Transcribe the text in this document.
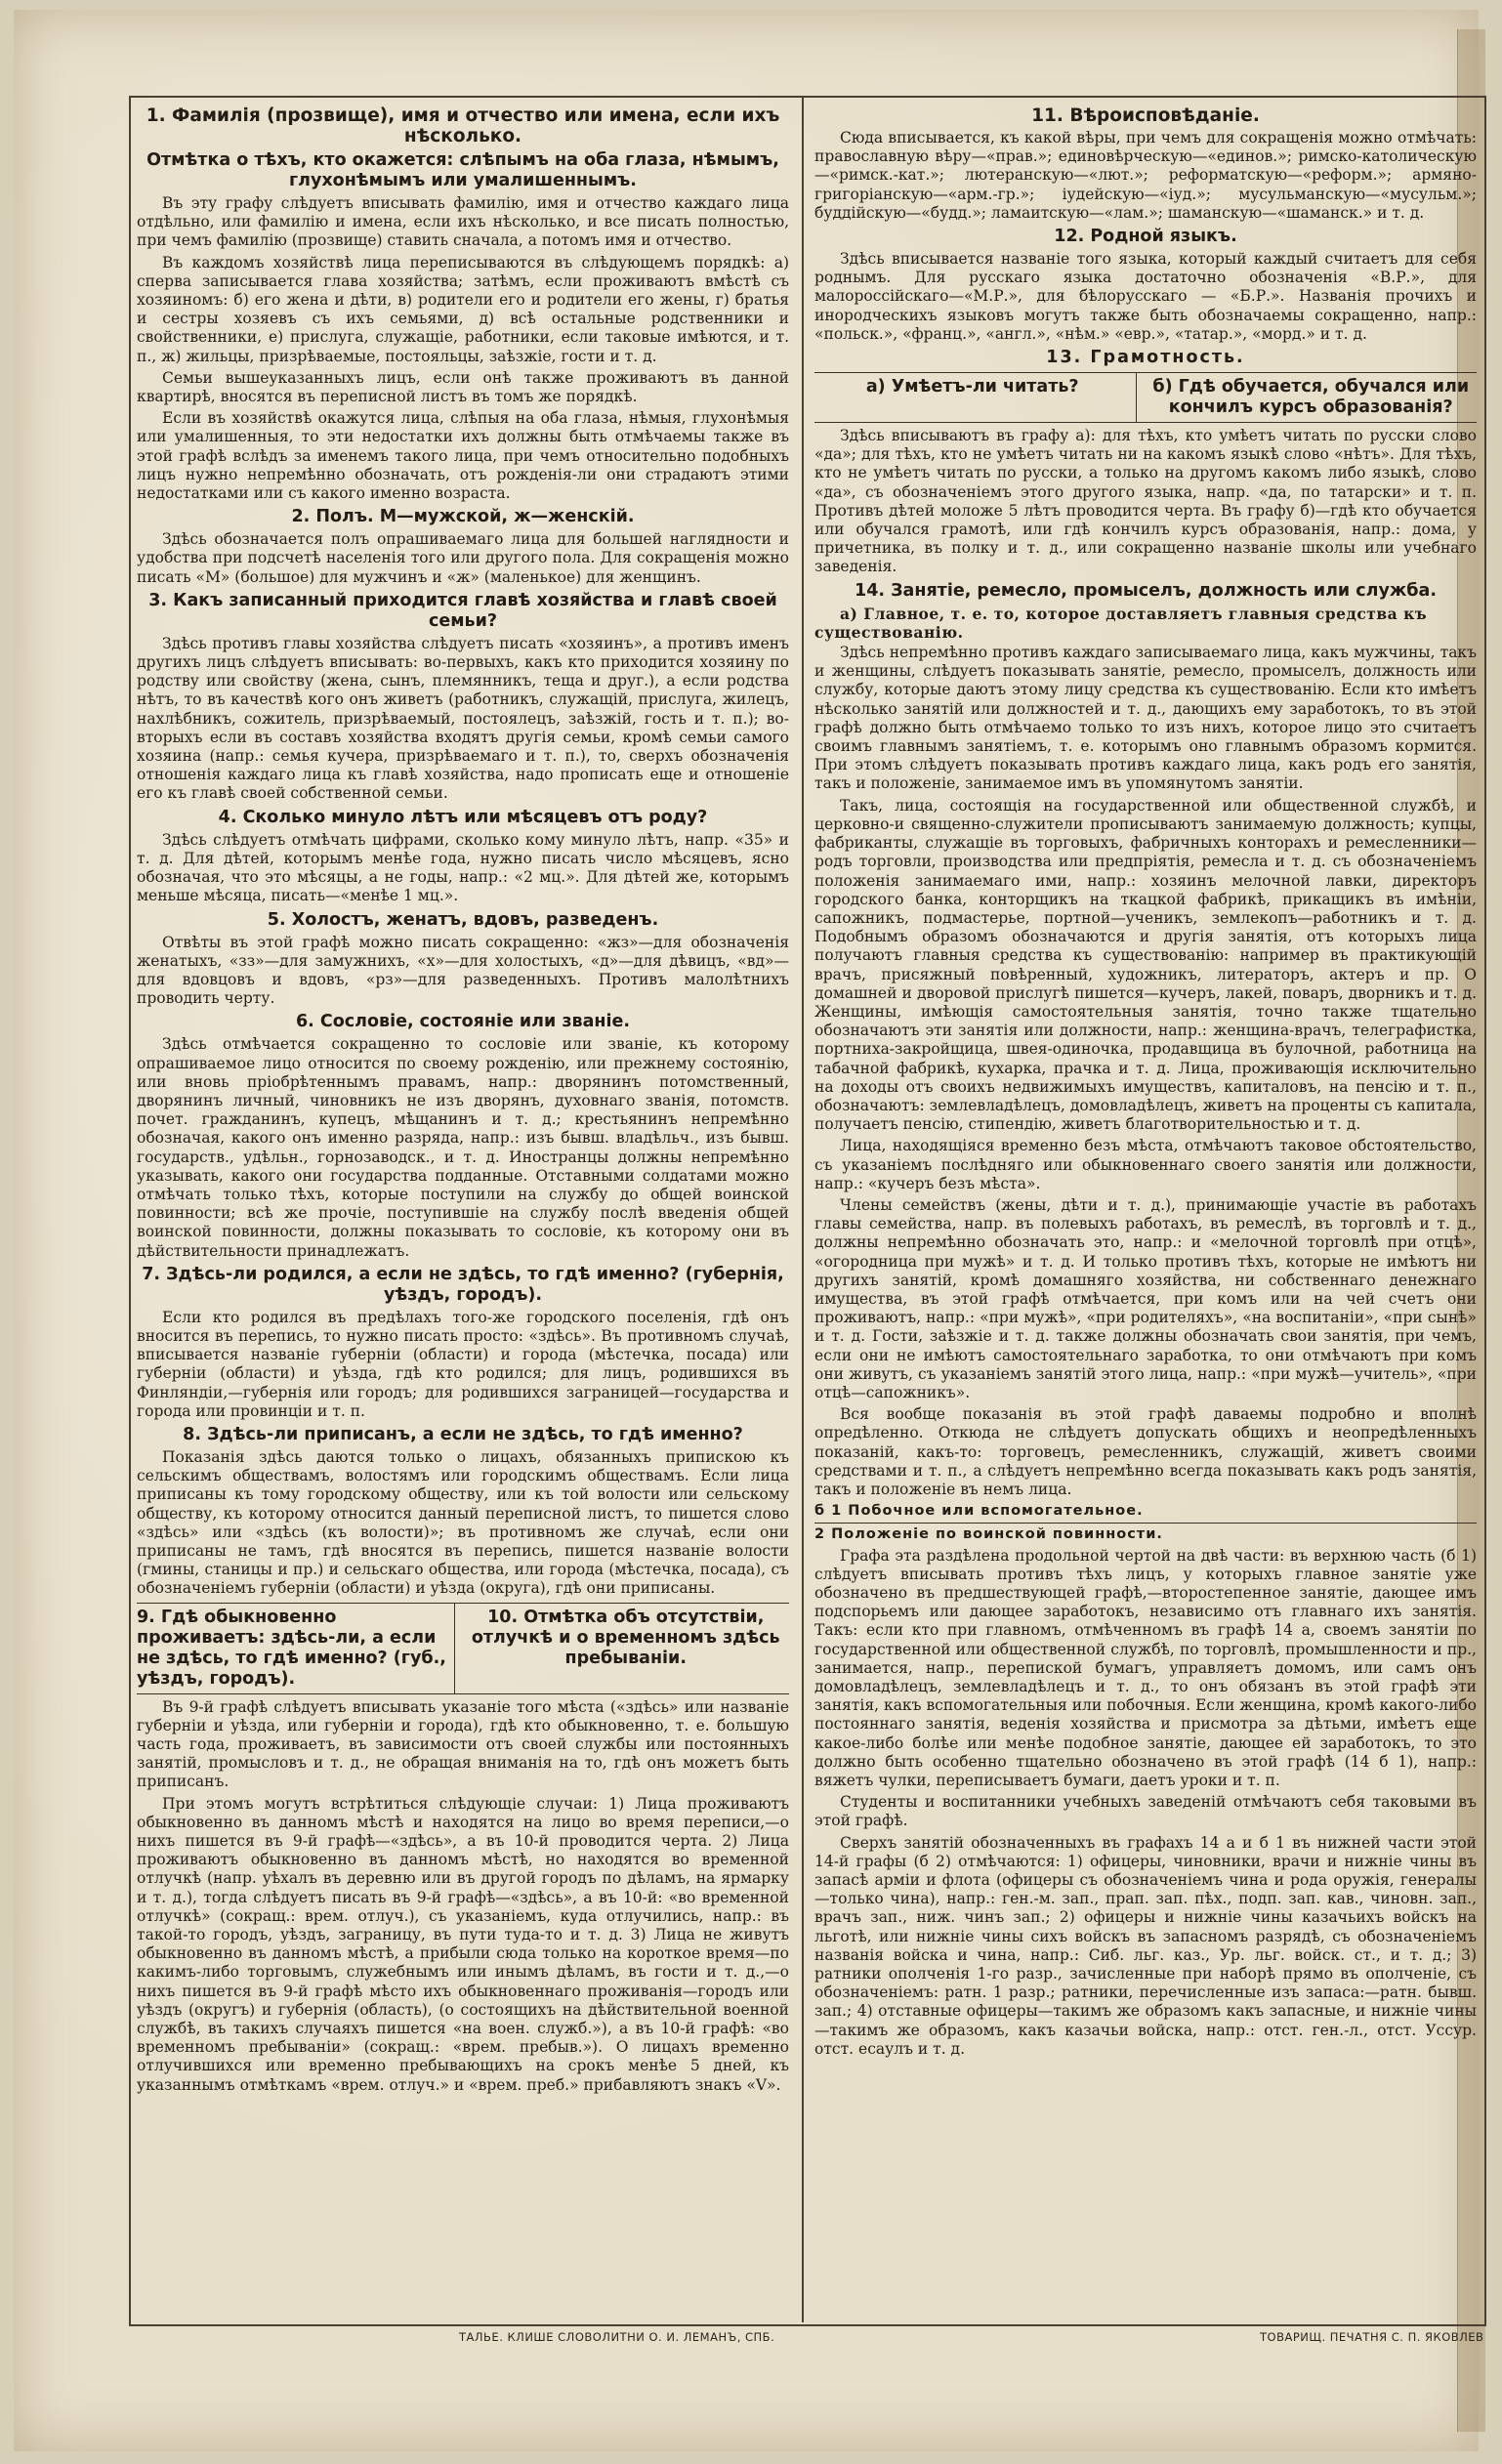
1. Фамилія (прозвище), имя и отчество или имена, если ихъ нѣсколько.
Отмѣтка о тѣхъ, кто окажется: слѣпымъ на оба глаза, нѣмымъ, глухонѣмымъ или умалишеннымъ.

Въ эту графу слѣдуетъ вписывать фамилію, имя и отчество каждаго лица отдѣльно, или фамилію и имена, если ихъ нѣсколько, и все писать полностью, при чемъ фамилію (прозвище) ставить сначала, а потомъ имя и отчество.

Въ каждомъ хозяйствѣ лица переписываются въ слѣдующемъ порядкѣ: а) сперва записывается глава хозяйства; затѣмъ, если проживаютъ вмѣстѣ съ хозяиномъ: б) его жена и дѣти, в) родители его и родители его жены, г) братья и сестры хозяевъ съ ихъ семьями, д) всѣ остальные родственники и свойственники, е) прислуга, служащіе, работники, если таковые имѣются, и т. п., ж) жильцы, призрѣваемые, постояльцы, заѣзжіе, гости и т. д.

Семьи вышеуказанныхъ лицъ, если онѣ также проживаютъ въ данной квартирѣ, вносятся въ переписной листъ въ томъ же порядкѣ.

Если въ хозяйствѣ окажутся лица, слѣпыя на оба глаза, нѣмыя, глухонѣмыя или умалишенныя, то эти недостатки ихъ должны быть отмѣчаемы также въ этой графѣ вслѣдъ за именемъ такого лица, при чемъ относительно подобныхъ лицъ нужно непремѣнно обозначать, отъ рожденія-ли они страдаютъ этими недостатками или съ какого именно возраста.

2. Полъ. М—мужской, ж—женскій.

Здѣсь обозначается полъ опрашиваемаго лица для большей наглядности и удобства при подсчетѣ населенія того или другого пола. Для сокращенія можно писать «М» (большое) для мужчинъ и «ж» (маленькое) для женщинъ.

3. Какъ записанный приходится главѣ хозяйства и главѣ своей семьи?

Здѣсь противъ главы хозяйства слѣдуетъ писать «хозяинъ», а противъ именъ другихъ лицъ слѣдуетъ вписывать: во-первыхъ, какъ кто приходится хозяину по родству или свойству (жена, сынъ, племянникъ, теща и друг.), а если родства нѣтъ, то въ качествѣ кого онъ живетъ (работникъ, служащій, прислуга, жилецъ, нахлѣбникъ, сожитель, призрѣваемый, постоялецъ, заѣзжій, гость и т. п.); во-вторыхъ если въ составъ хозяйства входятъ другія семьи, кромѣ семьи самого хозяина (напр.: семья кучера, призрѣваемаго и т. п.), то, сверхъ обозначенія отношенія каждаго лица къ главѣ хозяйства, надо прописать еще и отношеніе его къ главѣ своей собственной семьи.

4. Сколько минуло лѣтъ или мѣсяцевъ отъ роду?

Здѣсь слѣдуетъ отмѣчать цифрами, сколько кому минуло лѣтъ, напр. «35» и т. д. Для дѣтей, которымъ менѣе года, нужно писать число мѣсяцевъ, ясно обозначая, что это мѣсяцы, а не годы, напр.: «2 мц.». Для дѣтей же, которымъ меньше мѣсяца, писать—«менѣе 1 мц.».

5. Холостъ, женатъ, вдовъ, разведенъ.

Отвѣты въ этой графѣ можно писать сокращенно: «жз»—для обозначенія женатыхъ, «зз»—для замужнихъ, «х»—для холостыхъ, «д»—для дѣвицъ, «вд»—для вдовцовъ и вдовъ, «рз»—для разведенныхъ. Противъ малолѣтнихъ проводить черту.

6. Сословіе, состояніе или званіе.

Здѣсь отмѣчается сокращенно то сословіе или званіе, къ которому опрашиваемое лицо относится по своему рожденію, или прежнему состоянію, или вновь пріобрѣтеннымъ правамъ, напр.: дворянинъ потомственный, дворянинъ личный, чиновникъ не изъ дворянъ, духовнаго званія, потомств. почет. гражданинъ, купецъ, мѣщанинъ и т. д.; крестьянинъ непремѣнно обозначая, какого онъ именно разряда, напр.: изъ бывш. владѣльч., изъ бывш. государств., удѣльн., горнозаводск., и т. д. Иностранцы должны непремѣнно указывать, какого они государства подданные. Отставными солдатами можно отмѣчать только тѣхъ, которые поступили на службу до общей воинской повинности; всѣ же прочіе, поступившіе на службу послѣ введенія общей воинской повинности, должны показывать то сословіе, къ которому они въ дѣйствительности принадлежатъ.

7. Здѣсь-ли родился, а если не здѣсь, то гдѣ именно? (губернія, уѣздъ, городъ).

Если кто родился въ предѣлахъ того-же городского поселенія, гдѣ онъ вносится въ перепись, то нужно писать просто: «здѣсь». Въ противномъ случаѣ, вписывается названіе губерніи (области) и города (мѣстечка, посада) или губерніи (области) и уѣзда, гдѣ кто родился; для лицъ, родившихся въ Финляндіи,—губернія или городъ; для родившихся заграницей—государства и города или провинціи и т. п.

8. Здѣсь-ли приписанъ, а если не здѣсь, то гдѣ именно?

Показанія здѣсь даются только о лицахъ, обязанныхъ припискою къ сельскимъ обществамъ, волостямъ или городскимъ обществамъ. Если лица приписаны къ тому городскому обществу, или къ той волости или сельскому обществу, къ которому относится данный переписной листъ, то пишется слово «здѣсь» или «здѣсь (къ волости)»; въ противномъ же случаѣ, если они приписаны не тамъ, гдѣ вносятся въ перепись, пишется названіе волости (гмины, станицы и пр.) и сельскаго общества, или города (мѣстечка, посада), съ обозначеніемъ губерніи (области) и уѣзда (округа), гдѣ они приписаны.

9. Гдѣ обыкновенно проживаетъ: здѣсь-ли, а если не здѣсь, то гдѣ именно? (губ., уѣздъ, городъ).
10. Отмѣтка объ отсутствіи, отлучкѣ и о временномъ здѣсь пребываніи.

Въ 9-й графѣ слѣдуетъ вписывать указаніе того мѣста («здѣсь» или названіе губерніи и уѣзда, или губерніи и города), гдѣ кто обыкновенно, т. е. большую часть года, проживаетъ, въ зависимости отъ своей службы или постоянныхъ занятій, промысловъ и т. д., не обращая вниманія на то, гдѣ онъ можетъ быть приписанъ.

При этомъ могутъ встрѣтиться слѣдующіе случаи: 1) Лица проживаютъ обыкновенно въ данномъ мѣстѣ и находятся на лицо во время переписи,—о нихъ пишется въ 9-й графѣ—«здѣсь», а въ 10-й проводится черта. 2) Лица проживаютъ обыкновенно въ данномъ мѣстѣ, но находятся во временной отлучкѣ (напр. уѣхалъ въ деревню или въ другой городъ по дѣламъ, на ярмарку и т. д.), тогда слѣдуетъ писать въ 9-й графѣ—«здѣсь», а въ 10-й: «во временной отлучкѣ» (сокращ.: врем. отлуч.), съ указаніемъ, куда отлучились, напр.: въ такой-то городъ, уѣздъ, заграницу, въ пути туда-то и т. д. 3) Лица не живутъ обыкновенно въ данномъ мѣстѣ, а прибыли сюда только на короткое время—по какимъ-либо торговымъ, служебнымъ или инымъ дѣламъ, въ гости и т. д.,—о нихъ пишется въ 9-й графѣ мѣсто ихъ обыкновеннаго проживанія—городъ или уѣздъ (округъ) и губернія (область), (о состоящихъ на дѣйствительной военной службѣ, въ такихъ случаяхъ пишется «на воен. служб.»), а въ 10-й графѣ: «во временномъ пребываніи» (сокращ.: «врем. пребыв.»). О лицахъ временно отлучившихся или временно пребывающихъ на срокъ менѣе 5 дней, къ указаннымъ отмѣткамъ «врем. отлуч.» и «врем. преб.» прибавляютъ знакъ «V».

11. Вѣроисповѣданіе.

Сюда вписывается, къ какой вѣры, при чемъ для сокращенія можно отмѣчать: православную вѣру—«прав.»; единовѣрческую—«единов.»; римско-католическую—«римск.-кат.»; лютеранскую—«лют.»; реформатскую—«реформ.»; армяно-григоріанскую—«арм.-гр.»; іудейскую—«іуд.»; мусульманскую—«мусульм.»; буддійскую—«будд.»; ламаитскую—«лам.»; шаманскую—«шаманск.» и т. д.

12. Родной языкъ.

Здѣсь вписывается названіе того языка, который каждый считаетъ для себя роднымъ. Для русскаго языка достаточно обозначенія «В.Р.», для малороссійскаго—«М.Р.», для бѣлорусскаго — «Б.Р.». Названія прочихъ и инородческихъ языковъ могутъ также быть обозначаемы сокращенно, напр.: «польск.», «франц.», «англ.», «нѣм.» «евр.», «татар.», «морд.» и т. д.

13. Грамотность.
а) Умѣетъ-ли читать?	б) Гдѣ обучается, обучался или кончилъ курсъ образованія?

Здѣсь вписываютъ въ графу а): для тѣхъ, кто умѣетъ читать по русски слово «да»; для тѣхъ, кто не умѣетъ читать ни на какомъ языкѣ слово «нѣтъ». Для тѣхъ, кто не умѣетъ читать по русски, а только на другомъ какомъ либо языкѣ, слово «да», съ обозначеніемъ этого другого языка, напр. «да, по татарски» и т. п. Противъ дѣтей моложе 5 лѣтъ проводится черта. Въ графу б)—гдѣ кто обучается или обучался грамотѣ, или гдѣ кончилъ курсъ образованія, напр.: дома, у причетника, въ полку и т. д., или сокращенно названіе школы или учебнаго заведенія.

14. Занятіе, ремесло, промыселъ, должность или служба.

а) Главное, т. е. то, которое доставляетъ главныя средства къ существованію.

Здѣсь непремѣнно противъ каждаго записываемаго лица, какъ мужчины, такъ и женщины, слѣдуетъ показывать занятіе, ремесло, промыселъ, должность или службу, которые даютъ этому лицу средства къ существованію. Если кто имѣетъ нѣсколько занятій или должностей и т. д., дающихъ ему заработокъ, то въ этой графѣ должно быть отмѣчаемо только то изъ нихъ, которое лицо это считаетъ своимъ главнымъ занятіемъ, т. е. которымъ оно главнымъ образомъ кормится. При этомъ слѣдуетъ показывать противъ каждаго лица, какъ родъ его занятія, такъ и положеніе, занимаемое имъ въ упомянутомъ занятіи.

Такъ, лица, состоящія на государственной или общественной службѣ, и церковно-и священно-служители прописываютъ занимаемую должность; купцы, фабриканты, служащіе въ торговыхъ, фабричныхъ конторахъ и ремесленники—родъ торговли, производства или предпріятія, ремесла и т. д. съ обозначеніемъ положенія занимаемаго ими, напр.: хозяинъ мелочной лавки, директоръ городского банка, конторщикъ на ткацкой фабрикѣ, прикащикъ въ имѣніи, сапожникъ, подмастерье, портной—ученикъ, землекопъ—работникъ и т. д. Подобнымъ образомъ обозначаются и другія занятія, отъ которыхъ лица получаютъ главныя средства къ существованію: например въ практикующій врачъ, присяжный повѣренный, художникъ, литераторъ, актеръ и пр. О домашней и дворовой прислугѣ пишется—кучеръ, лакей, поваръ, дворникъ и т. д. Женщины, имѣющія самостоятельныя занятія, точно также тщательно обозначаютъ эти занятія или должности, напр.: женщина-врачъ, телеграфистка, портниха-закройщица, швея-одиночка, продавщица въ булочной, работница на табачной фабрикѣ, кухарка, прачка и т. д. Лица, проживающія исключительно на доходы отъ своихъ недвижимыхъ имуществъ, капиталовъ, на пенсію и т. п., обозначаютъ: землевладѣлецъ, домовладѣлецъ, живетъ на проценты съ капитала, получаетъ пенсію, стипендію, живетъ благотворительностью и т. д.

Лица, находящіяся временно безъ мѣста, отмѣчаютъ таковое обстоятельство, съ указаніемъ послѣдняго или обыкновеннаго своего занятія или должности, напр.: «кучеръ безъ мѣста».

Члены семействъ (жены, дѣти и т. д.), принимающіе участіе въ работахъ главы семейства, напр. въ полевыхъ работахъ, въ ремеслѣ, въ торговлѣ и т. д., должны непремѣнно обозначать это, напр.: и «мелочной торговлѣ при отцѣ», «огородница при мужѣ» и т. д. И только противъ тѣхъ, которые не имѣютъ ни другихъ занятій, кромѣ домашняго хозяйства, ни собственнаго денежнаго имущества, въ этой графѣ отмѣчается, при комъ или на чей счетъ они проживаютъ, напр.: «при мужѣ», «при родителяхъ», «на воспитаніи», «при сынѣ» и т. д. Гости, заѣзжіе и т. д. также должны обозначать свои занятія, при чемъ, если они не имѣютъ самостоятельнаго заработка, то они отмѣчаютъ при комъ они живутъ, съ указаніемъ занятій этого лица, напр.: «при мужѣ—учитель», «при отцѣ—сапожникъ».

Вся вообще показанія въ этой графѣ даваемы подробно и вполнѣ опредѣленно. Откюда не слѣдуетъ допускать общихъ и неопредѣленныхъ показаній, какъ-то: торговецъ, ремесленникъ, служащій, живетъ своими средствами и т. п., а слѣдуетъ непремѣнно всегда показывать какъ родъ занятія, такъ и положеніе въ немъ лица.

б 1 Побочное или вспомогательное.

2 Положеніе по воинской повинности.

Графа эта раздѣлена продольной чертой на двѣ части: въ верхнюю часть (б 1) слѣдуетъ вписывать противъ тѣхъ лицъ, у которыхъ главное занятіе уже обозначено въ предшествующей графѣ,—второстепенное занятіе, дающее имъ подспорьемъ или дающее заработокъ, независимо отъ главнаго ихъ занятія. Такъ: если кто при главномъ, отмѣченномъ въ графѣ 14 а, своемъ занятіи по государственной или общественной службѣ, по торговлѣ, промышленности и пр., занимается, напр., перепиской бумагъ, управляетъ домомъ, или самъ онъ домовладѣлецъ, землевладѣлецъ и т. д., то онъ обязанъ въ этой графѣ эти занятія, какъ вспомогательныя или побочныя. Если женщина, кромѣ какого-либо постояннаго занятія, веденія хозяйства и присмотра за дѣтьми, имѣетъ еще какое-либо болѣе или менѣе подобное занятіе, дающее ей заработокъ, то это должно быть особенно тщательно обозначено въ этой графѣ (14 б 1), напр.: вяжетъ чулки, переписываетъ бумаги, даетъ уроки и т. п.

Студенты и воспитанники учебныхъ заведеній отмѣчаютъ себя таковыми въ этой графѣ.

Сверхъ занятій обозначенныхъ въ графахъ 14 а и б 1 въ нижней части этой 14-й графы (б 2) отмѣчаются: 1) офицеры, чиновники, врачи и нижніе чины въ запасѣ арміи и флота (офицеры съ обозначеніемъ чина и рода оружія, генералы—только чина), напр.: ген.-м. зап., прап. зап. пѣх., подп. зап. кав., чиновн. зап., врачъ зап., ниж. чинъ зап.; 2) офицеры и нижніе чины казачьихъ войскъ на льготѣ, или нижніе чины сихъ войскъ въ запасномъ разрядѣ, съ обозначеніемъ названія войска и чина, напр.: Сиб. льг. каз., Ур. льг. войск. ст., и т. д.; 3) ратники ополченія 1-го разр., зачисленные при наборѣ прямо въ ополченіе, съ обозначеніемъ: ратн. 1 разр.; ратники, перечисленные изъ запаса:—ратн. бывш. зап.; 4) отставные офицеры—такимъ же образомъ какъ запасные, и нижніе чины—такимъ же образомъ, какъ казачьи войска, напр.: отст. ген.-л., отст. Уссур. отст. есаулъ и т. д.

ТАЛЬЕ. КЛИШЕ СЛОВОЛИТНИ О. И. ЛЕМАНЪ, СПБ.	ТОВАРИЩ. ПЕЧАТНЯ С. П. ЯКОВЛЕВ
